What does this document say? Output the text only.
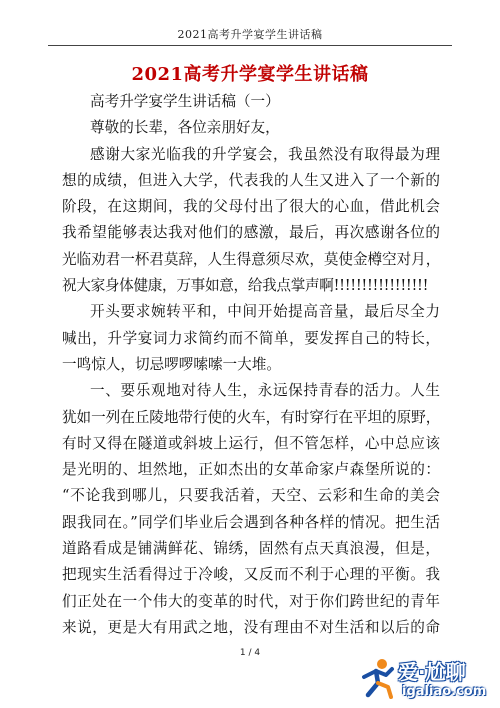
2021高考升学宴学生讲话稿
2021高考升学宴学生讲话稿
高考升学宴学生讲话稿（一）
尊敬的长辈，各位亲朋好友，
感谢大家光临我的升学宴会，我虽然没有取得最为理
想的成绩，但进入大学，代表我的人生又进入了一个新的
阶段，在这期间，我的父母付出了很大的心血，借此机会
我希望能够表达我对他们的感激，最后，再次感谢各位的
光临劝君一杯君莫辞，人生得意须尽欢，莫使金樽空对月，
祝大家身体健康，万事如意，给我点掌声啊!!!!!!!!!!!!!!!!!
开头要求婉转平和，中间开始提高音量，最后尽全力
喊出，升学宴词力求简约而不简单，要发挥自己的特长，
一鸣惊人，切忌啰啰嗦嗦一大堆。
一、要乐观地对待人生，永远保持青春的活力。人生
犹如一列在丘陵地带行使的火车，有时穿行在平坦的原野，
有时又得在隧道或斜坡上运行，但不管怎样，心中总应该
是光明的、坦然地，正如杰出的女革命家卢森堡所说的：
“不论我到哪儿，只要我活着，天空、云彩和生命的美会
跟我同在。”同学们毕业后会遇到各种各样的情况。把生活
道路看成是铺满鲜花、锦绣，固然有点天真浪漫，但是，
把现实生活看得过于冷峻，又反而不利于心理的平衡。我
们正处在一个伟大的变革的时代，对于你们跨世纪的青年
来说，更是大有用武之地，没有理由不对生活和以后的命
1 / 4
爱·尬聊
igaliao.com
